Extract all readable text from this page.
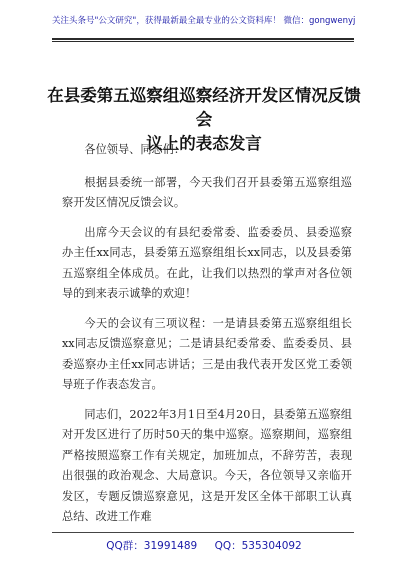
关注头条号"公文研究"，获得最新最全最专业的公文资料库！ 微信：gongwenyj
在县委第五巡察组巡察经济开发区情况反馈会
议上的表态发言

各位领导、同志们：

根据县委统一部署，今天我们召开县委第五巡察组巡察开发区情况反馈会议。

出席今天会议的有县纪委常委、监委委员、县委巡察办主任xx同志，县委第五巡察组组长xx同志，以及县委第五巡察组全体成员。在此，让我们以热烈的掌声对各位领导的到来表示诚挚的欢迎！

今天的会议有三项议程：一是请县委第五巡察组组长xx同志反馈巡察意见；二是请县纪委常委、监委委员、县委巡察办主任xx同志讲话；三是由我代表开发区党工委领导班子作表态发言。

同志们，2022年3月1日至4月20日，县委第五巡察组对开发区进行了历时50天的集中巡察。巡察期间，巡察组严格按照巡察工作有关规定，加班加点，不辞劳苦，表现出很强的政治观念、大局意识。今天，各位领导又亲临开发区，专题反馈巡察意见，这是开发区全体干部职工认真总结、改进工作难

QQ群：31991489 QQ：535304092
